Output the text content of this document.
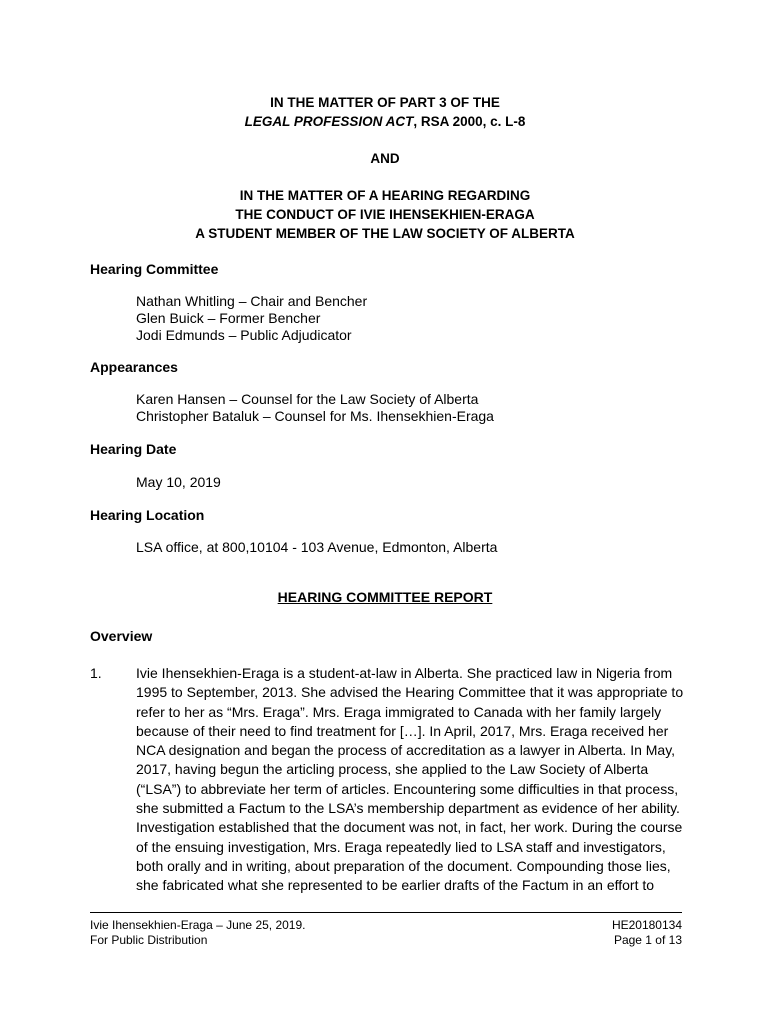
IN THE MATTER OF PART 3 OF THE
LEGAL PROFESSION ACT, RSA 2000, c. L-8
AND
IN THE MATTER OF A HEARING REGARDING
THE CONDUCT OF IVIE IHENSEKHIEN-ERAGA
A STUDENT MEMBER OF THE LAW SOCIETY OF ALBERTA
Hearing Committee
Nathan Whitling – Chair and Bencher
Glen Buick – Former Bencher
Jodi Edmunds – Public Adjudicator
Appearances
Karen Hansen – Counsel for the Law Society of Alberta
Christopher Bataluk – Counsel for Ms. Ihensekhien-Eraga
Hearing Date
May 10, 2019
Hearing Location
LSA office, at 800,10104 - 103 Avenue, Edmonton, Alberta
HEARING COMMITTEE REPORT
Overview
1. Ivie Ihensekhien-Eraga is a student-at-law in Alberta. She practiced law in Nigeria from
1995 to September, 2013. She advised the Hearing Committee that it was appropriate to
refer to her as “Mrs. Eraga”. Mrs. Eraga immigrated to Canada with her family largely
because of their need to find treatment for […]. In April, 2017, Mrs. Eraga received her
NCA designation and began the process of accreditation as a lawyer in Alberta. In May,
2017, having begun the articling process, she applied to the Law Society of Alberta
(“LSA”) to abbreviate her term of articles. Encountering some difficulties in that process,
she submitted a Factum to the LSA’s membership department as evidence of her ability.
Investigation established that the document was not, in fact, her work. During the course
of the ensuing investigation, Mrs. Eraga repeatedly lied to LSA staff and investigators,
both orally and in writing, about preparation of the document. Compounding those lies,
she fabricated what she represented to be earlier drafts of the Factum in an effort to
Ivie Ihensekhien-Eraga – June 25, 2019.
For Public Distribution
HE20180134
Page 1 of 13
